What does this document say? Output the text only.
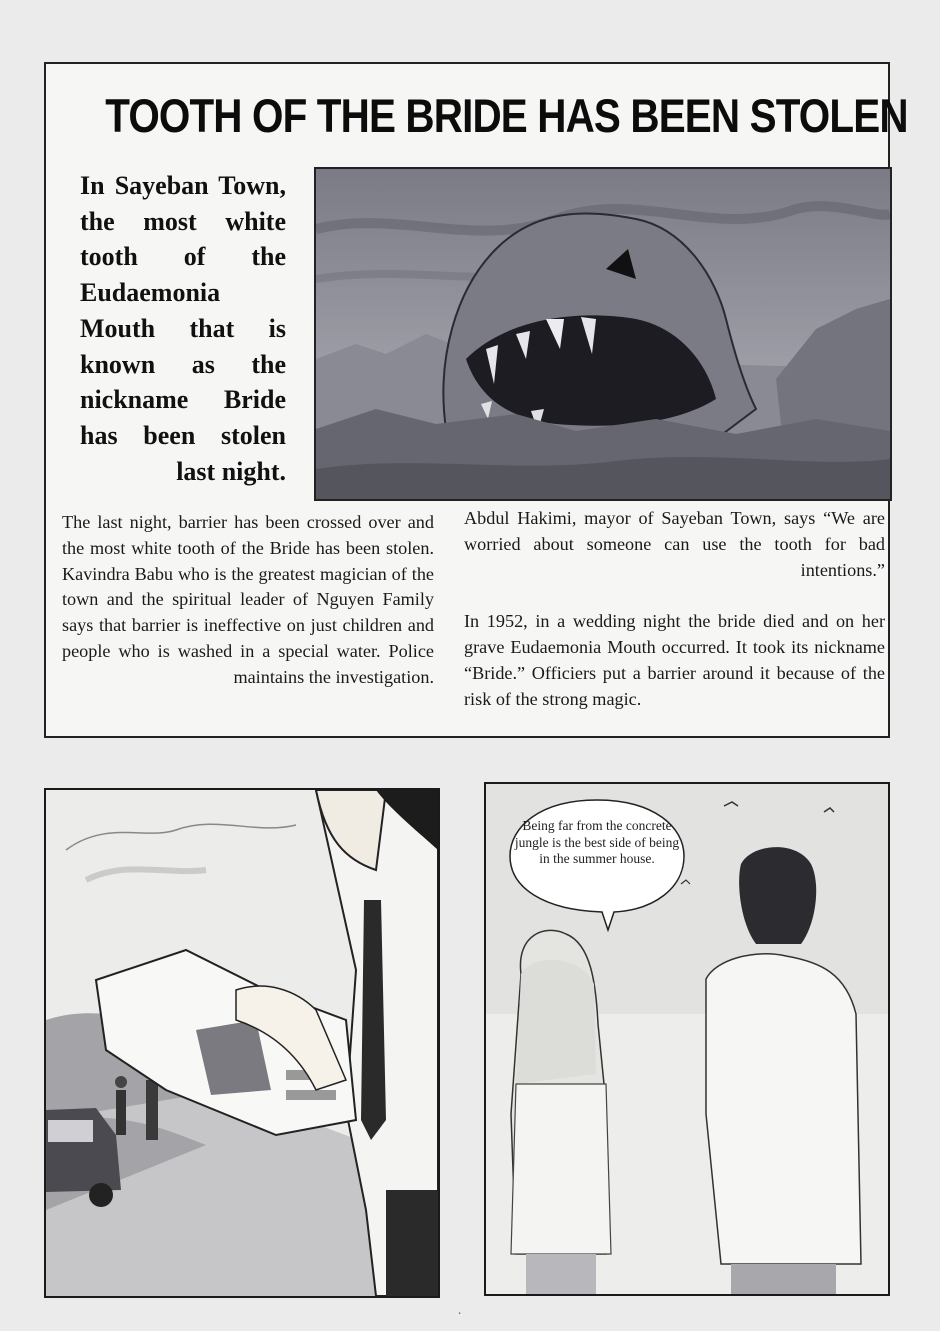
TOOTH OF THE BRIDE HAS BEEN STOLEN
In Sayeban Town, the most white tooth of the Eudaemonia Mouth that is known as the nickname Bride has been stolen last night.

The last night, barrier has been crossed over and the most white tooth of the Bride has been stolen. Kavindra Babu who is the greatest magician of the town and the spiritual leader of Nguyen Family says that barrier is ineffective on just children and people who is washed in a special water. Police maintains the investigation.

Abdul Hakimi, mayor of Sayeban Town, says “We are worried about someone can use the tooth for bad intentions.”

In 1952, in a wedding night the bride died and on her grave Eudaemonia Mouth occurred. It took its nickname “Bride.” Officiers put a barrier around it because of the risk of the strong magic.

Being far from the concrete jungle is the best side of being in the summer house.
∙
